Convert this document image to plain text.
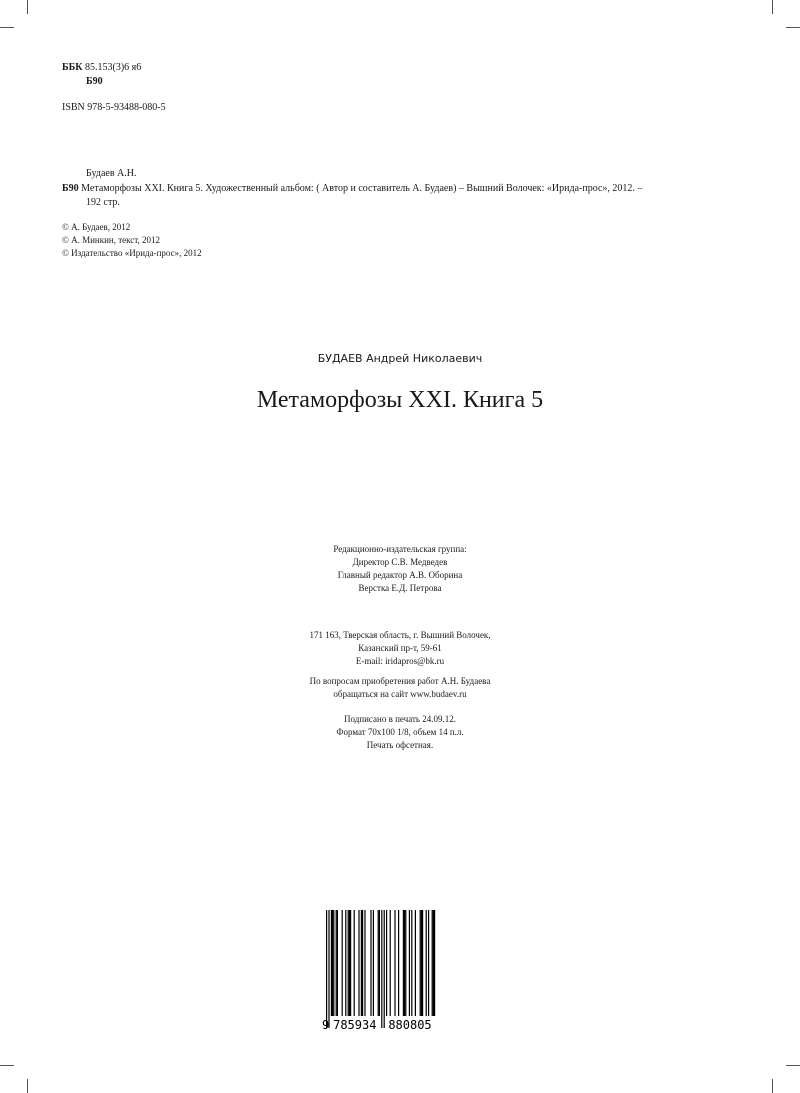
ББК 85.153(3)6 я6
Б90
ISBN 978-5-93488-080-5
Будаев А.Н.
Б90 Метаморфозы XXI. Книга 5. Художественный альбом: ( Автор и составитель А. Будаев) – Вышний Волочек: «Ирида-прос», 2012. –
192 стр.
© А. Будаев, 2012
© А. Минкин, текст, 2012
© Издательство «Ирида-прос», 2012
БУДАЕВ Андрей Николаевич
Метаморфозы XXI. Книга 5
Редакционно-издательская группа:
Директор С.В. Медведев
Главный редактор А.В. Оборина
Верстка Е.Д. Петрова
171 163, Тверская область, г. Вышний Волочек,
Казанский пр-т, 59-61
E-mail: iridapros@bk.ru
По вопросам приобретения работ А.Н. Будаева
обращаться на сайт www.budaev.ru
Подписано в печать 24.09.12.
Формат 70х100 1/8, объем 14 п.л.
Печать офсетная.
9 785934 880805
